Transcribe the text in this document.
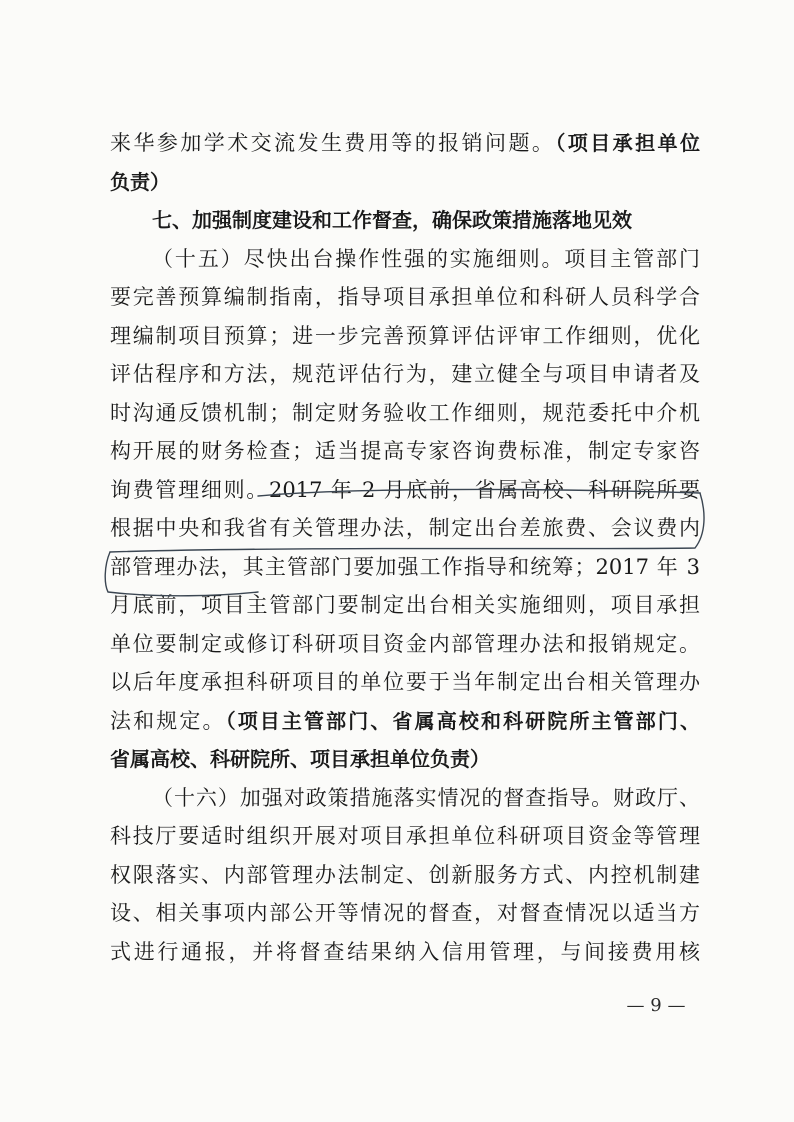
来华参加学术交流发生费用等的报销问题。（项目承担单位
负责）
七、加强制度建设和工作督查，确保政策措施落地见效
（十五）尽快出台操作性强的实施细则。项目主管部门
要完善预算编制指南，指导项目承担单位和科研人员科学合
理编制项目预算；进一步完善预算评估评审工作细则，优化
评估程序和方法，规范评估行为，建立健全与项目申请者及
时沟通反馈机制；制定财务验收工作细则，规范委托中介机
构开展的财务检查；适当提高专家咨询费标准，制定专家咨
询费管理细则。2017 年 2 月底前，省属高校、科研院所要
根据中央和我省有关管理办法，制定出台差旅费、会议费内
部管理办法，其主管部门要加强工作指导和统筹；2017 年 3
月底前，项目主管部门要制定出台相关实施细则，项目承担
单位要制定或修订科研项目资金内部管理办法和报销规定。
以后年度承担科研项目的单位要于当年制定出台相关管理办
法和规定。（项目主管部门、省属高校和科研院所主管部门、
省属高校、科研院所、项目承担单位负责）
（十六）加强对政策措施落实情况的督查指导。财政厅、
科技厅要适时组织开展对项目承担单位科研项目资金等管理
权限落实、内部管理办法制定、创新服务方式、内控机制建
设、相关事项内部公开等情况的督查，对督查情况以适当方
式进行通报，并将督查结果纳入信用管理，与间接费用核
— 9 —
